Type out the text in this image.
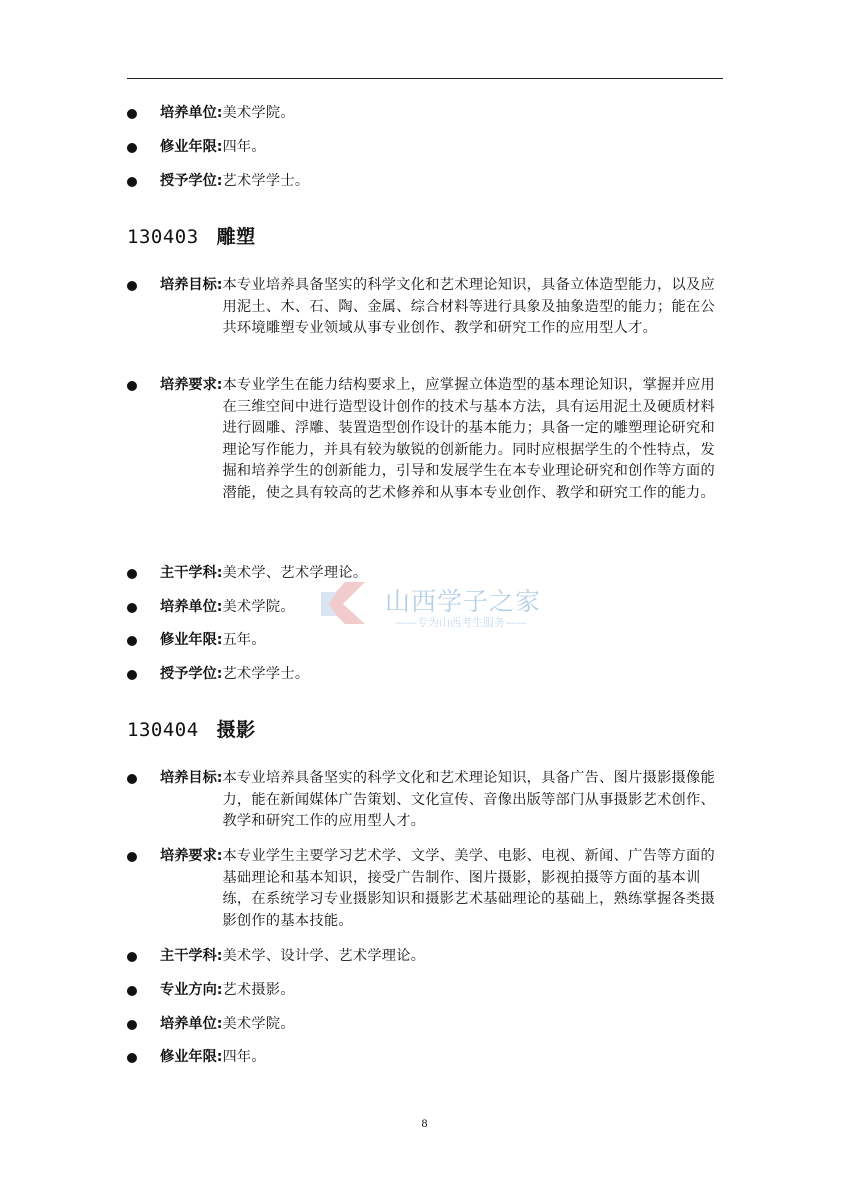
培养单位: 美术学院。
修业年限: 四年。
授予学位: 艺术学学士。
130403 雕塑
培养目标: 本专业培养具备坚实的科学文化和艺术理论知识，具备立体造型能力，以及应用泥土、木、石、陶、金属、综合材料等进行具象及抽象造型的能力；能在公共环境雕塑专业领域从事专业创作、教学和研究工作的应用型人才。
培养要求: 本专业学生在能力结构要求上，应掌握立体造型的基本理论知识，掌握并应用在三维空间中进行造型设计创作的技术与基本方法，具有运用泥土及硬质材料进行圆雕、浮雕、装置造型创作设计的基本能力；具备一定的雕塑理论研究和理论写作能力，并具有较为敏锐的创新能力。同时应根据学生的个性特点，发掘和培养学生的创新能力，引导和发展学生在本专业理论研究和创作等方面的潜能，使之具有较高的艺术修养和从事本专业创作、教学和研究工作的能力。
主干学科: 美术学、艺术学理论。
培养单位: 美术学院。
修业年限: 五年。
授予学位: 艺术学学士。
山西学子之家
——专为山西考生服务——
130404 摄影
培养目标: 本专业培养具备坚实的科学文化和艺术理论知识，具备广告、图片摄影摄像能力，能在新闻媒体广告策划、文化宣传、音像出版等部门从事摄影艺术创作、教学和研究工作的应用型人才。
培养要求: 本专业学生主要学习艺术学、文学、美学、电影、电视、新闻、广告等方面的基础理论和基本知识，接受广告制作、图片摄影，影视拍摄等方面的基本训练，在系统学习专业摄影知识和摄影艺术基础理论的基础上，熟练掌握各类摄影创作的基本技能。
主干学科: 美术学、设计学、艺术学理论。
专业方向: 艺术摄影。
培养单位: 美术学院。
修业年限: 四年。
8
